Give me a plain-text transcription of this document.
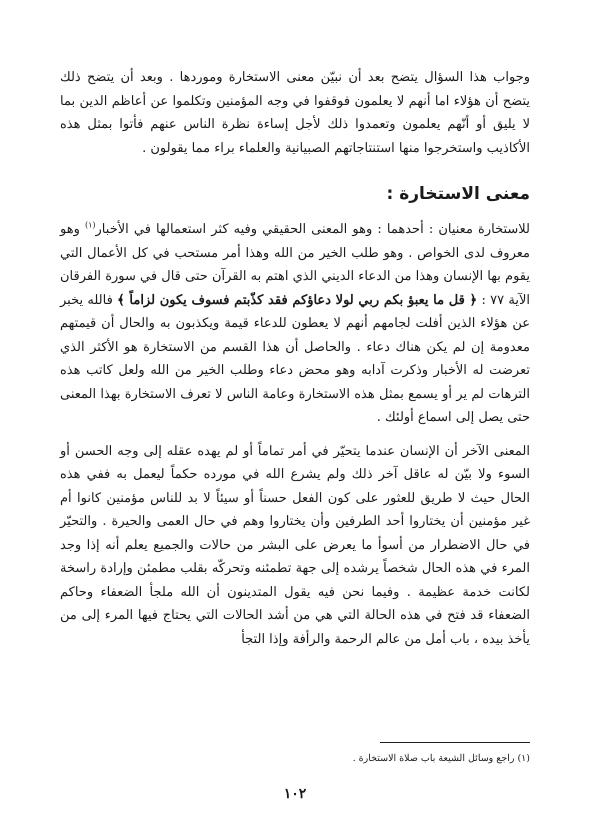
وجواب هذا السؤال يتضح بعد أن نبيّن معنى الاستخارة وموردها . وبعد أن يتضح ذلك يتضح أن هؤلاء اما أنهم لا يعلمون فوقفوا في وجه المؤمنين وتكلموا عن أعاظم الدين بما لا يليق أو أنّهم يعلمون وتعمدوا ذلك لأجل إساءة نظرة الناس عنهم فأتوا بمثل هذه الأكاذيب واستخرجوا منها استنتاجاتهم الصبيانية والعلماء براء مما يقولون .

معنى الاستخارة :

للاستخارة معنيان : أحدهما : وهو المعنى الحقيقي وفيه كثر استعمالها في الأخبار$^{(١)}$ وهو معروف لدى الخواص . وهو طلب الخير من الله وهذا أمر مستحب في كل الأعمال التي يقوم بها الإنسان وهذا من الدعاء الديني الذي اهتم به القرآن حتى قال في سورة الفرقان الآية ٧٧ : ﴿ قل ما يعبؤ بكم ربي لولا دعاؤكم فقد كذّبتم فسوف يكون لزاماً ﴾ فالله يخبر عن هؤلاء الذين أفلت لجامهم أنهم لا يعطون للدعاء قيمة ويكذبون به والحال أن قيمتهم معدومة إن لم يكن هناك دعاء . والحاصل أن هذا القسم من الاستخارة هو الأكثر الذي تعرضت له الأخبار وذكرت آدابه وهو محض دعاء وطلب الخير من الله ولعل كاتب هذه الترهات لم ير أو يسمع بمثل هذه الاستخارة وعامة الناس لا تعرف الاستخارة بهذا المعنى حتى يصل إلى اسماع أولئك .

المعنى الآخر أن الإنسان عندما يتحيّر في أمر تماماً أو لم يهده عقله إلى وجه الحسن أو السوء ولا بيّن له عاقل آخر ذلك ولم يشرع الله في مورده حكماً ليعمل به ففي هذه الحال حيث لا طريق للعثور على كون الفعل حسناً أو سيئاً لا بد للناس مؤمنين كانوا أم غير مؤمنين أن يختاروا أحد الطرفين وأن يختاروا وهم في حال العمى والحيرة . والتحيّر في حال الاضطرار من أسوأ ما يعرض على البشر من حالات والجميع يعلم أنه إذا وجد المرء في هذه الحال شخصاً يرشده إلى جهة تطمئنه وتحركّه بقلب مطمئن وإرادة راسخة لكانت خدمة عظيمة . وفيما نحن فيه يقول المتدينون أن الله ملجأ الضعفاء وحاكم الضعفاء قد فتح في هذه الحالة التي هي من أشد الحالات التي يحتاج فيها المرء إلى من يأخذ بيده ، باب أمل من عالم الرحمة والرأفة وإذا التجأ

(١) راجع وسائل الشيعة باب صلاة الاستخارة .

١٠٢
